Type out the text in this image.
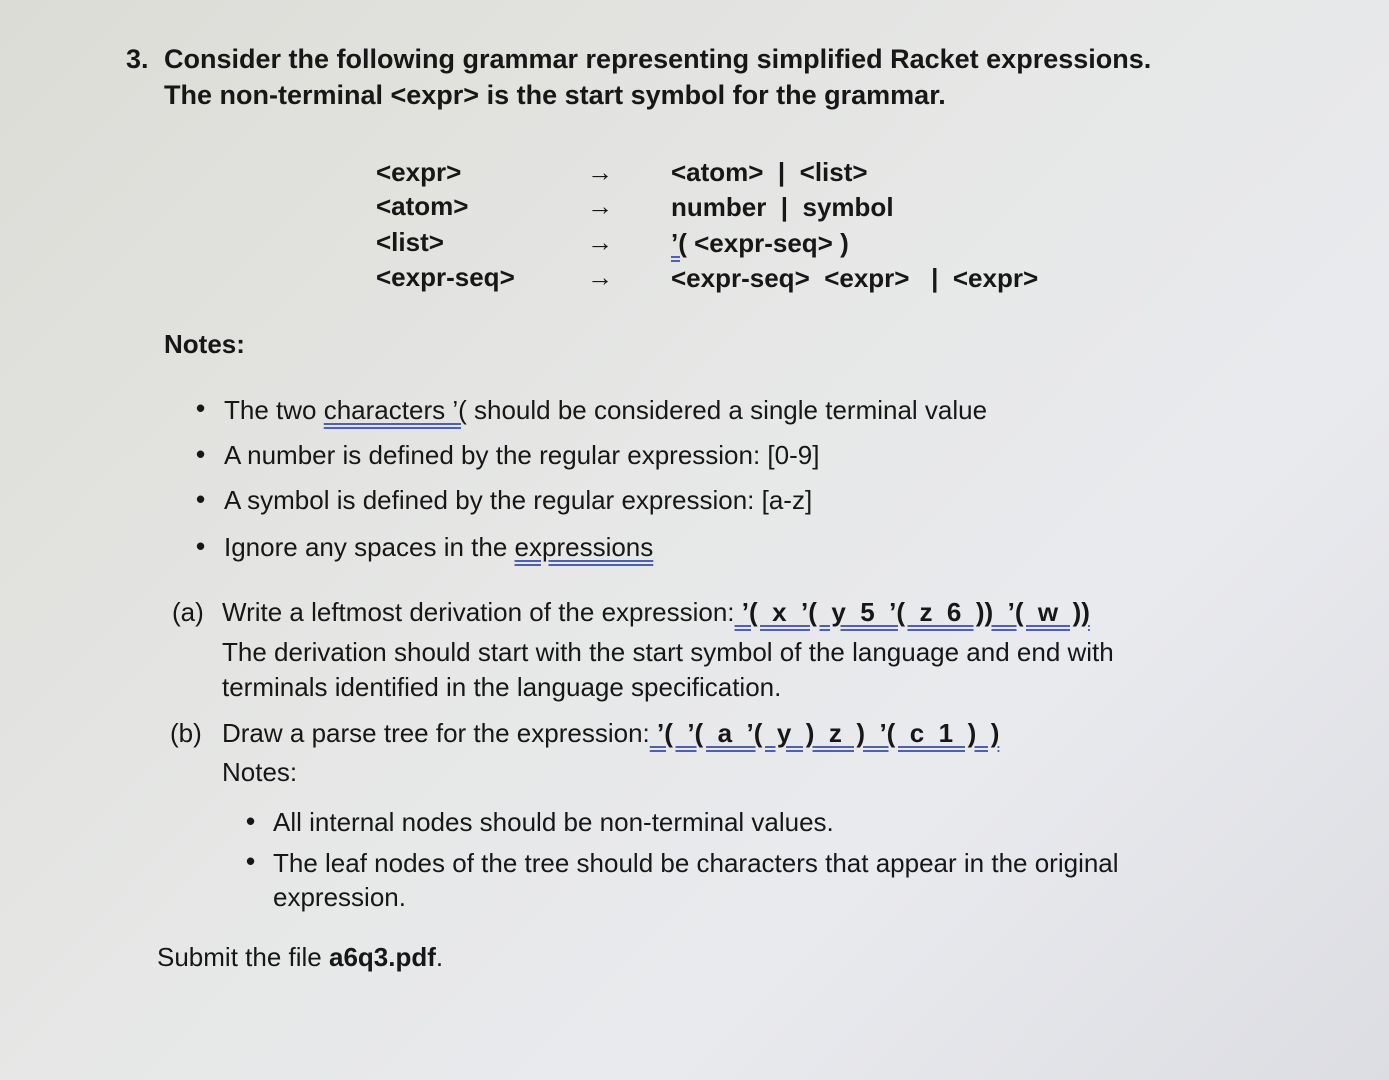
3. Consider the following grammar representing simplified Racket expressions.
The non-terminal <expr> is the start symbol for the grammar.
<expr>	→ <atom>  |  <list>
<atom>	→ number  |  symbol
<list>	→ ’( <expr-seq> )
<expr-seq>	→ <expr-seq>  <expr>   |  <expr>
Notes:
• The two characters ’( should be considered a single terminal value
• A number is defined by the regular expression: [0-9]
• A symbol is defined by the regular expression: [a-z]
• Ignore any spaces in the expressions
(a) Write a leftmost derivation of the expression: ’(  x  ’(  y  5  ’(  z  6  ))  ’(  w  ))
The derivation should start with the start symbol of the language and end with
terminals identified in the language specification.
(b) Draw a parse tree for the expression: ’(  ’(  a  ’(  y  )  z  )  ’(  c  1  )  )
Notes:
• All internal nodes should be non-terminal values.
• The leaf nodes of the tree should be characters that appear in the original
expression.
Submit the file a6q3.pdf.
